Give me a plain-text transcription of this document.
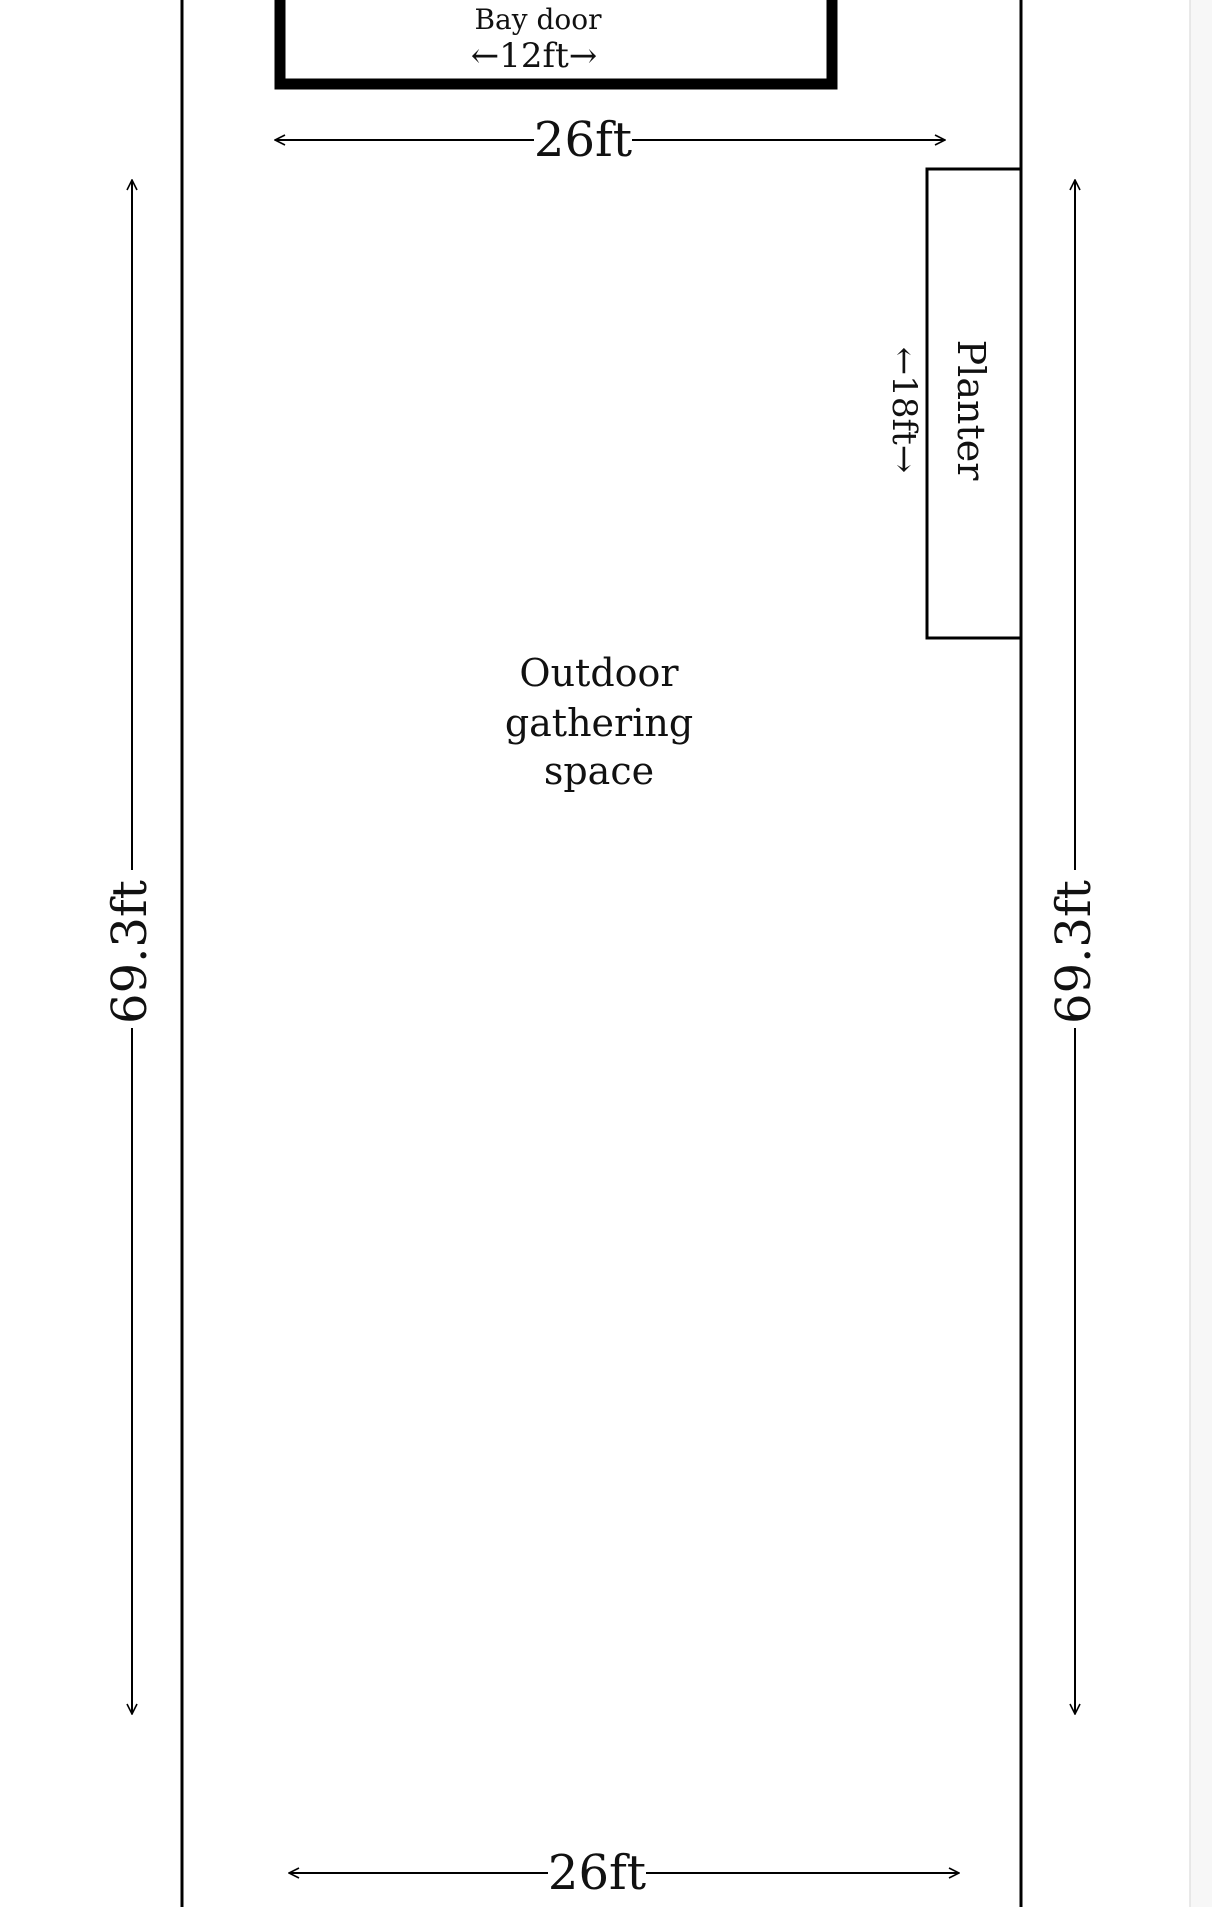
Bay door
←12ft→
26ft
Planter
←18ft→
Outdoor
gathering
space
69.3ft	69.3ft
26ft
